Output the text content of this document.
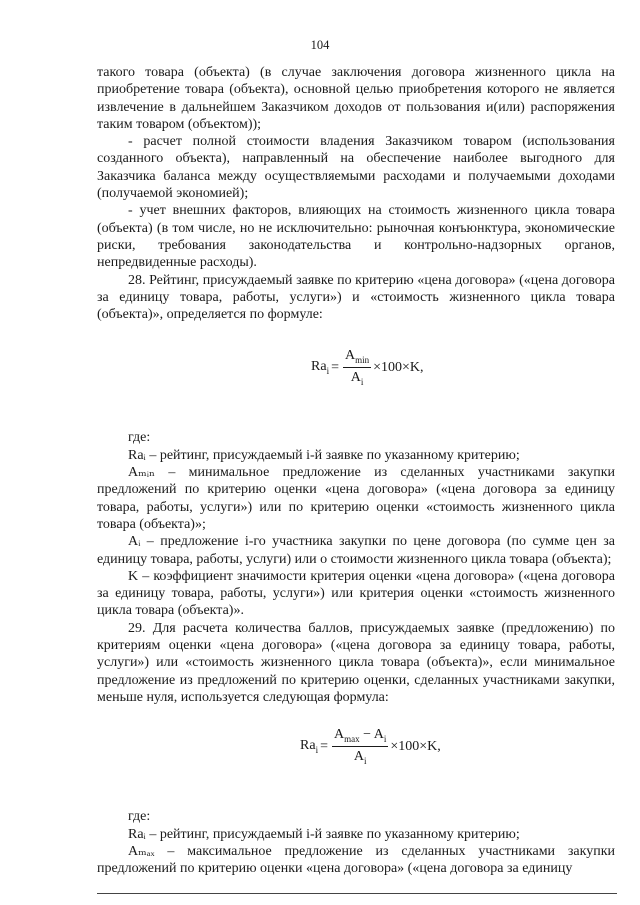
104

такого товара (объекта) (в случае заключения договора жизненного цикла на приобретение товара (объекта), основной целью приобретения которого не является извлечение в дальнейшем Заказчиком доходов от пользования и(или) распоряжения таким товаром (объектом));

- расчет полной стоимости владения Заказчиком товаром (использования созданного объекта), направленный на обеспечение наиболее выгодного для Заказчика баланса между осуществляемыми расходами и получаемыми доходами (получаемой экономией);

- учет внешних факторов, влияющих на стоимость жизненного цикла товара (объекта) (в том числе, но не исключительно: рыночная конъюнктура, экономические риски, требования законодательства и контрольно-надзорных органов, непредвиденные расходы).

28. Рейтинг, присуждаемый заявке по критерию «цена договора» («цена договора за единицу товара, работы, услуги») и «стоимость жизненного цикла товара (объекта)», определяется по формуле:

$Ra_i = \frac{A_{min}}{A_i} \times 100\times K$,

где:

Raᵢ – рейтинг, присуждаемый i-й заявке по указанному критерию;

Aₘᵢₙ – минимальное предложение из сделанных участниками закупки предложений по критерию оценки «цена договора» («цена договора за единицу товара, работы, услуги») или по критерию оценки «стоимость жизненного цикла товара (объекта)»;

Aᵢ – предложение i-го участника закупки по цене договора (по сумме цен за единицу товара, работы, услуги) или о стоимости жизненного цикла товара (объекта);

K – коэффициент значимости критерия оценки «цена договора» («цена договора за единицу товара, работы, услуги») или критерия оценки «стоимость жизненного цикла товара (объекта)».

29. Для расчета количества баллов, присуждаемых заявке (предложению) по критериям оценки «цена договора» («цена договора за единицу товара, работы, услуги») или «стоимость жизненного цикла товара (объекта)», если минимальное предложение из предложений по критерию оценки, сделанных участниками закупки, меньше нуля, используется следующая формула:

$Ra_i = \frac{A_{max} - A_i}{A_i} \times 100\times K$,

где:

Raᵢ – рейтинг, присуждаемый i-й заявке по указанному критерию;

Aₘₐₓ – максимальное предложение из сделанных участниками закупки предложений по критерию оценки «цена договора» («цена договора за единицу
